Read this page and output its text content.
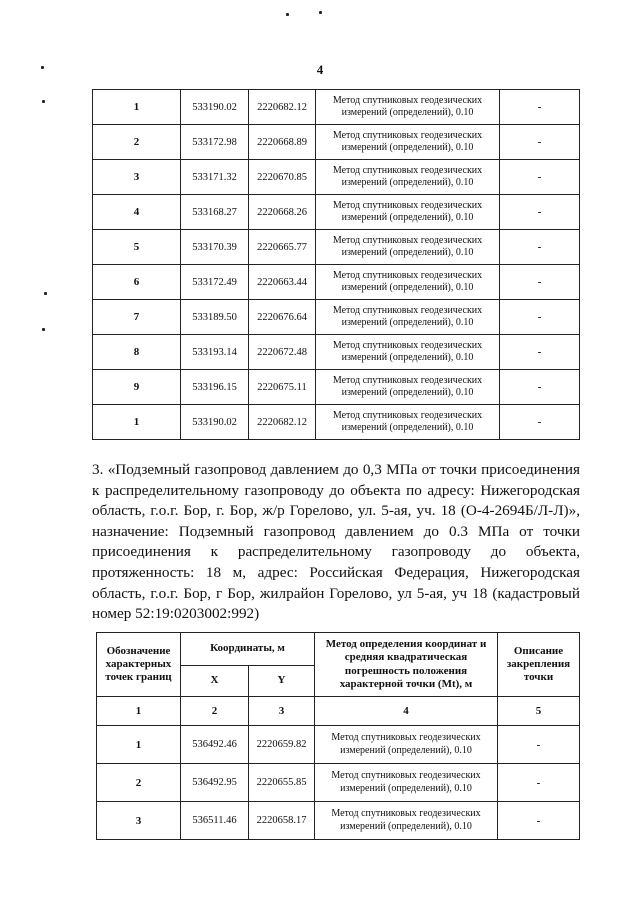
4
1	533190.02	2220682.12	Метод спутниковых геодезических измерений (определений), 0.10	-
2	533172.98	2220668.89	Метод спутниковых геодезических измерений (определений), 0.10	-
3	533171.32	2220670.85	Метод спутниковых геодезических измерений (определений), 0.10	-
4	533168.27	2220668.26	Метод спутниковых геодезических измерений (определений), 0.10	-
5	533170.39	2220665.77	Метод спутниковых геодезических измерений (определений), 0.10	-
6	533172.49	2220663.44	Метод спутниковых геодезических измерений (определений), 0.10	-
7	533189.50	2220676.64	Метод спутниковых геодезических измерений (определений), 0.10	-
8	533193.14	2220672.48	Метод спутниковых геодезических измерений (определений), 0.10	-
9	533196.15	2220675.11	Метод спутниковых геодезических измерений (определений), 0.10	-
1	533190.02	2220682.12	Метод спутниковых геодезических измерений (определений), 0.10	-

3. «Подземный газопровод давлением до 0,3 МПа от точки присоединения к распределительному газопроводу до объекта по адресу: Нижегородская область, г.о.г. Бор, г. Бор, ж/р Горелово, ул. 5-ая, уч. 18 (О-4-2694Б/Л-Л)», назначение: Подземный газопровод давлением до 0.3 МПа от точки присоединения к распределительному газопроводу до объекта, протяженность: 18 м, адрес: Российская Федерация, Нижегородская область, г.о.г. Бор, г Бор, жилрайон Горелово, ул 5-ая, уч 18 (кадастровый номер 52:19:0203002:992)

Обозначение характерных точек границ	Координаты, м		Метод определения координат и средняя квадратическая погрешность положения характерной точки (Mt), м	Описание закрепления точки
	X	Y		
1	2	3	4	5
1	536492.46	2220659.82	Метод спутниковых геодезических измерений (определений), 0.10	-
2	536492.95	2220655.85	Метод спутниковых геодезических измерений (определений), 0.10	-
3	536511.46	2220658.17	Метод спутниковых геодезических измерений (определений), 0.10	-
